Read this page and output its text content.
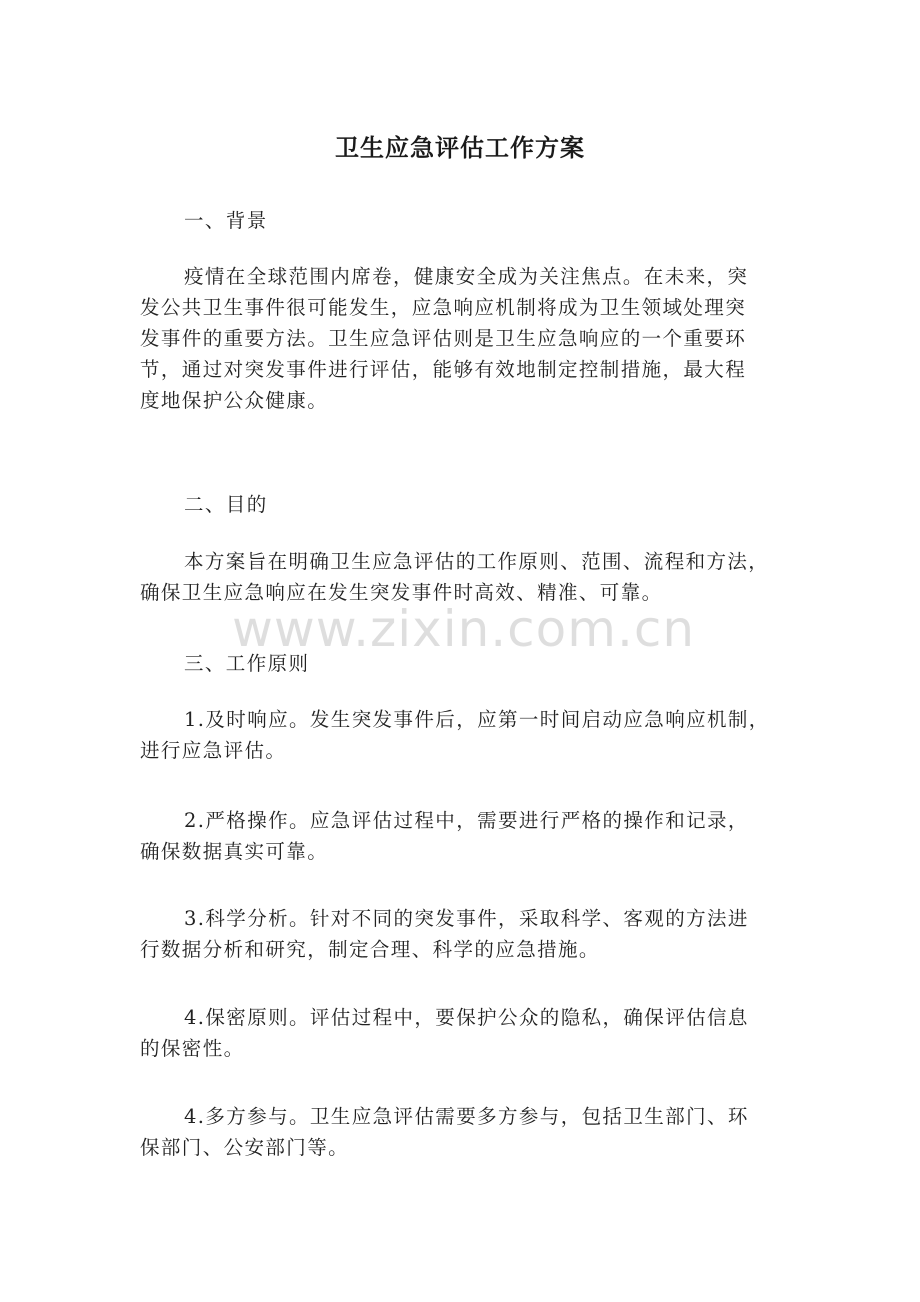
卫生应急评估工作方案
一、背景
疫情在全球范围内席卷，健康安全成为关注焦点。在未来，突
发公共卫生事件很可能发生，应急响应机制将成为卫生领域处理突
发事件的重要方法。卫生应急评估则是卫生应急响应的一个重要环
节，通过对突发事件进行评估，能够有效地制定控制措施，最大程
度地保护公众健康。
二、目的
本方案旨在明确卫生应急评估的工作原则、范围、流程和方法，
确保卫生应急响应在发生突发事件时高效、精准、可靠。
三、工作原则
1.及时响应。发生突发事件后，应第一时间启动应急响应机制，
进行应急评估。
2.严格操作。应急评估过程中，需要进行严格的操作和记录，
确保数据真实可靠。
3.科学分析。针对不同的突发事件，采取科学、客观的方法进
行数据分析和研究，制定合理、科学的应急措施。
4.保密原则。评估过程中，要保护公众的隐私，确保评估信息
的保密性。
4.多方参与。卫生应急评估需要多方参与，包括卫生部门、环
保部门、公安部门等。
www.zixin.com.cn
